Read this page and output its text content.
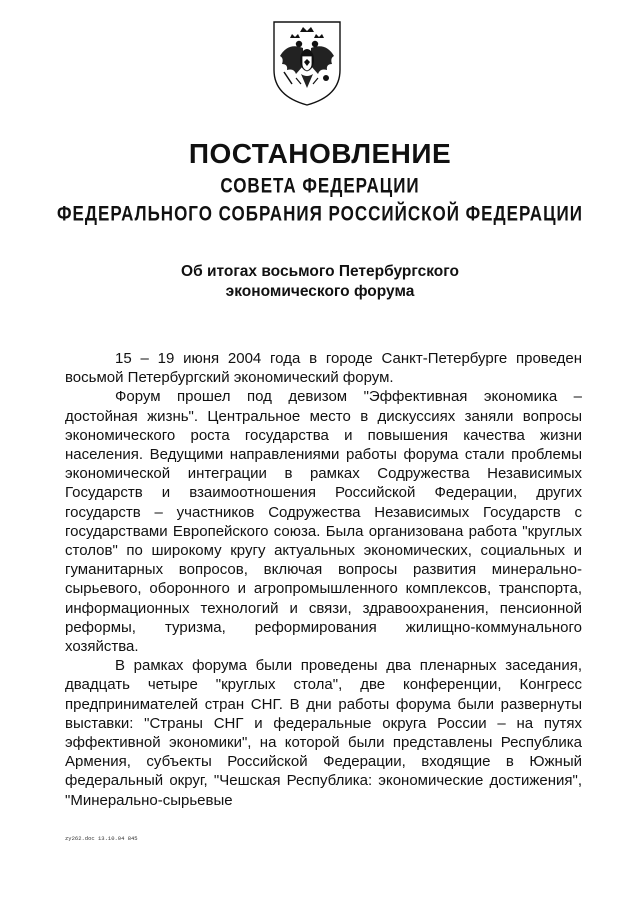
ПОСТАНОВЛЕНИЕ
СОВЕТА ФЕДЕРАЦИИ
ФЕДЕРАЛЬНОГО СОБРАНИЯ РОССИЙСКОЙ ФЕДЕРАЦИИ
Об итогах восьмого Петербургского
экономического форума

15 – 19 июня 2004 года в городе Санкт-Петербурге проведен восьмой Петербургский экономический форум.

Форум прошел под девизом "Эффективная экономика – достойная жизнь". Центральное место в дискуссиях заняли вопросы экономического роста государства и повышения качества жизни населения. Ведущими направлениями работы форума стали проблемы экономической интеграции в рамках Содружества Независимых Государств и взаимоотношения Российской Федерации, других государств – участников Содружества Независимых Государств с государствами Европейского союза. Была организована работа "круглых столов" по широкому кругу актуальных экономических, социальных и гуманитарных вопросов, включая вопросы развития минерально-сырьевого, оборонного и агропромышленного комплексов, транспорта, информационных технологий и связи, здравоохранения, пенсионной реформы, туризма, реформирования жилищно-коммунального хозяйства.

В рамках форума были проведены два пленарных заседания, двадцать четыре "круглых стола", две конференции, Конгресс предпринимателей стран СНГ. В дни работы форума были развернуты выставки: "Страны СНГ и федеральные округа России – на путях эффективной экономики", на которой были представлены Республика Армения, субъекты Российской Федерации, входящие в Южный федеральный округ, "Чешская Республика: экономические достижения", "Минерально-сырьевые

zy262.doc 13.10.04 845
